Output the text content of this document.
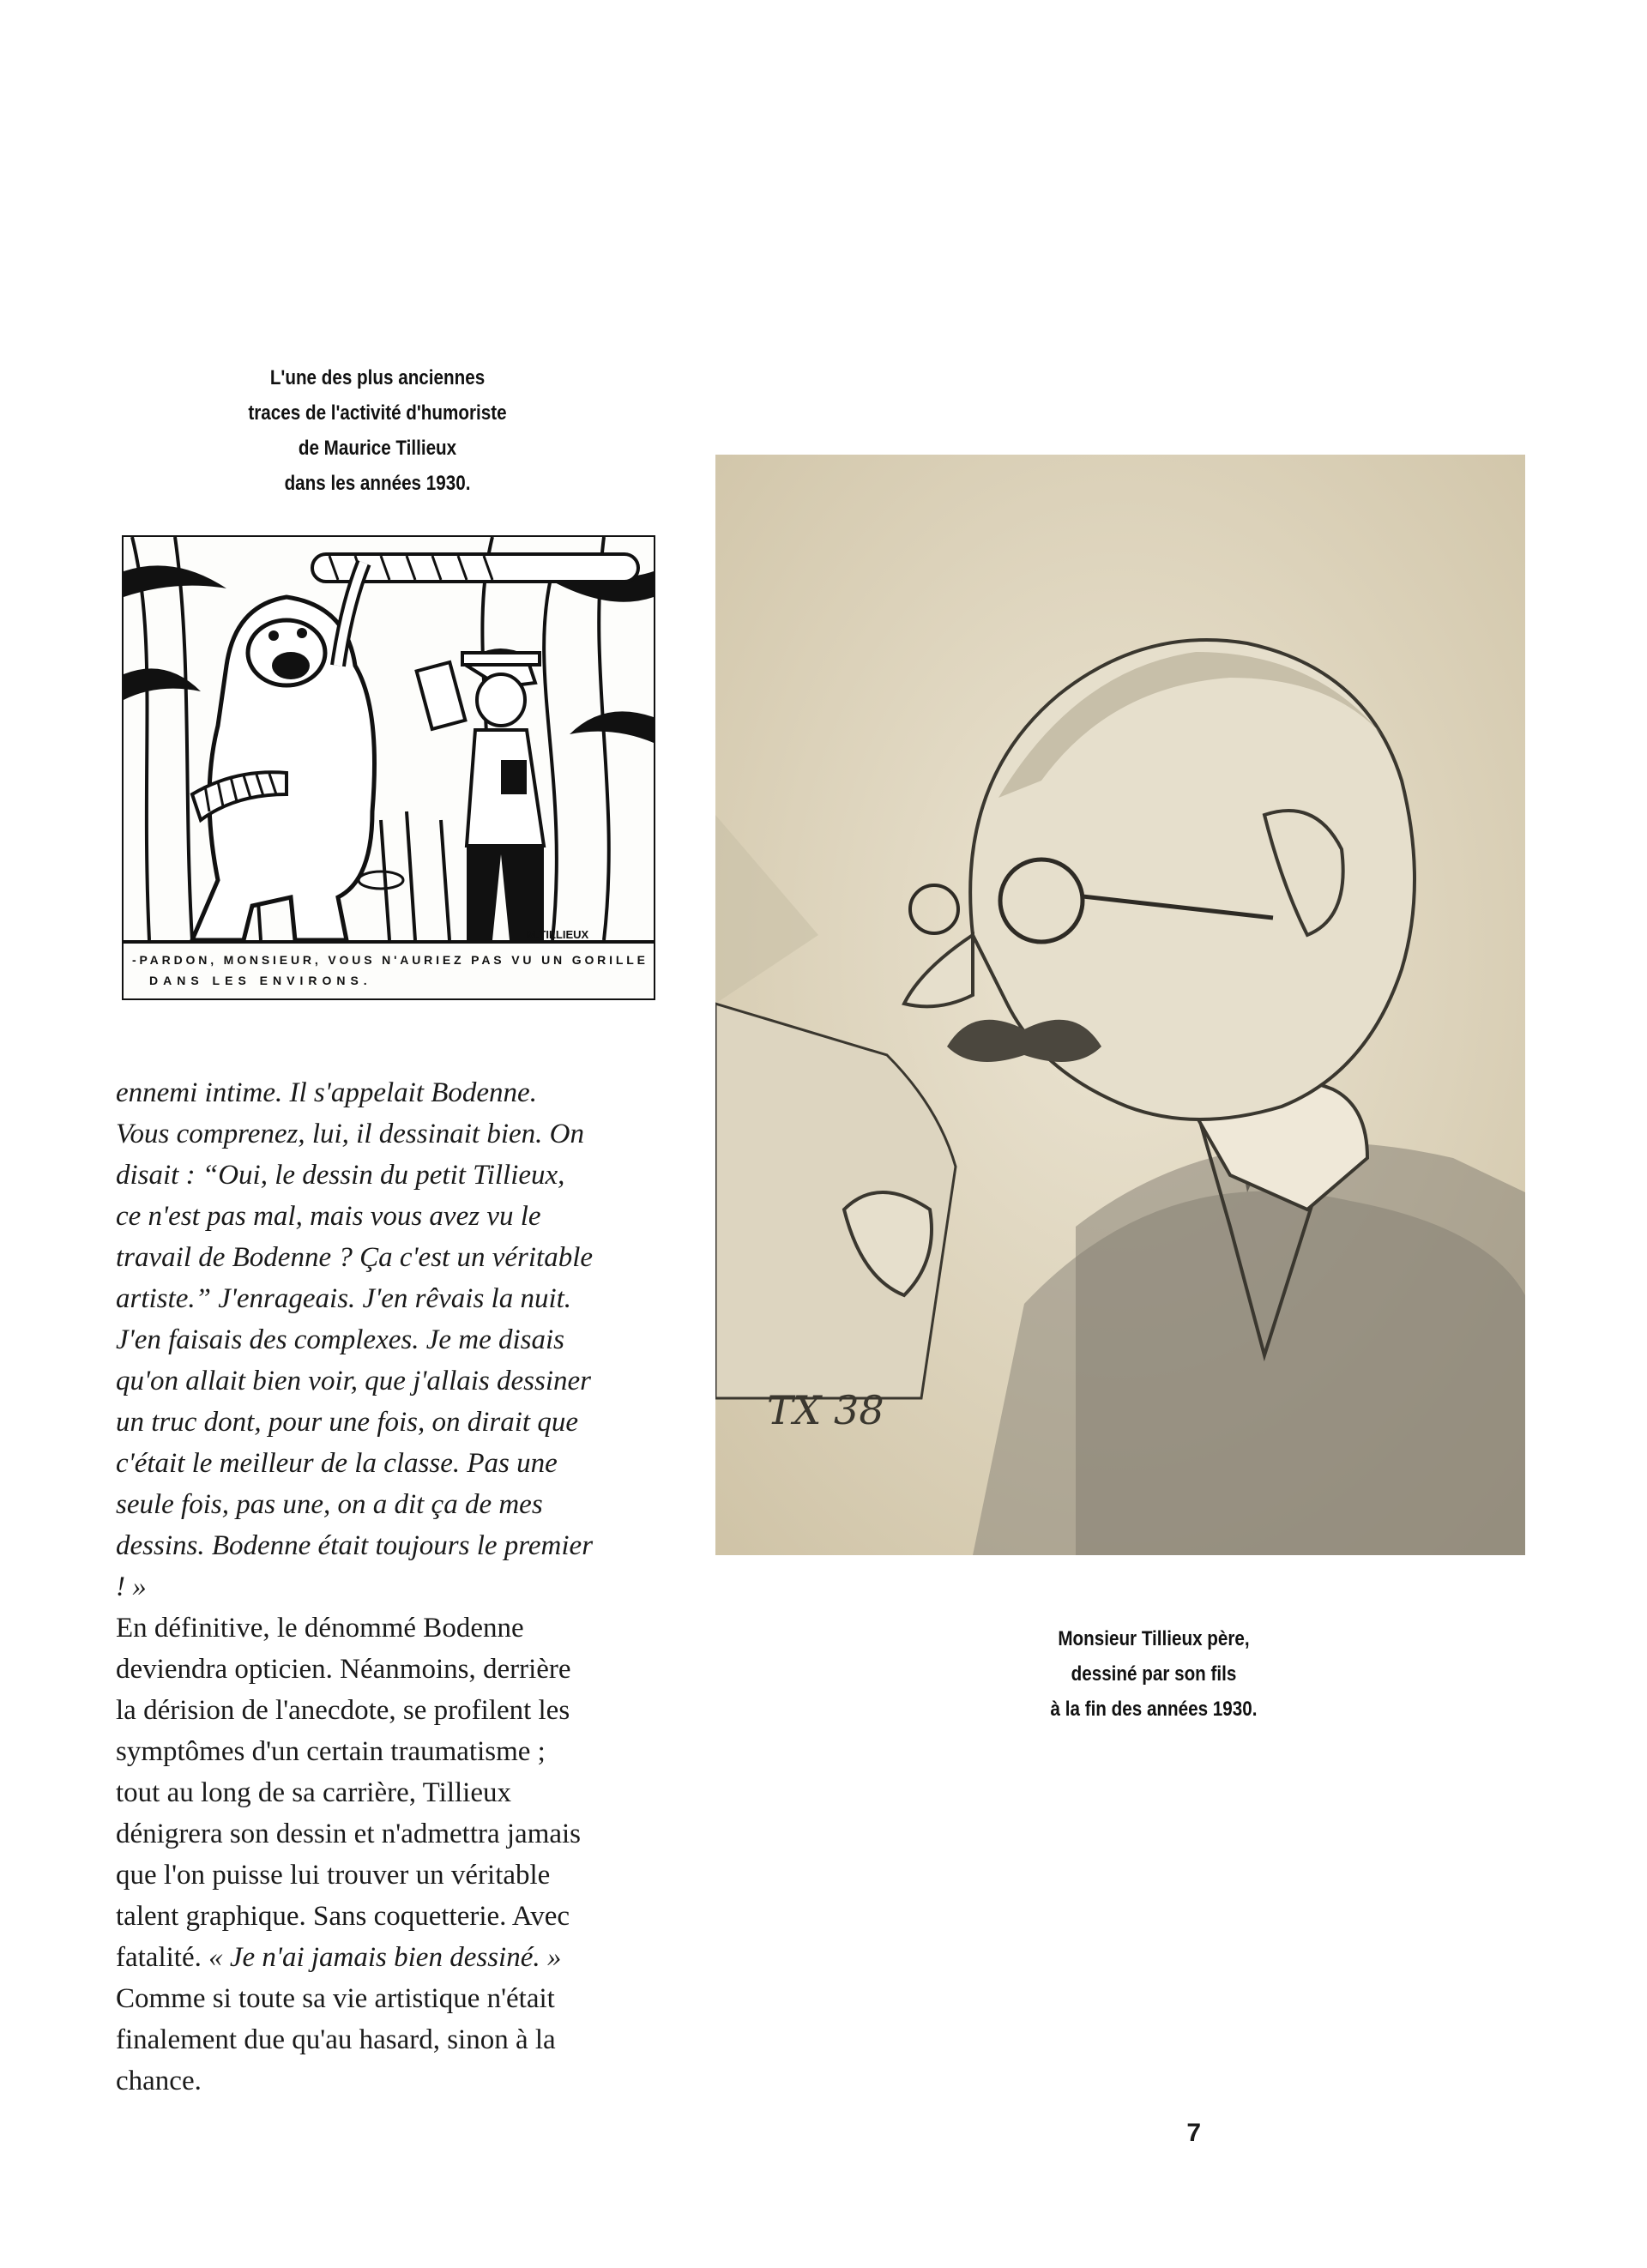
L'une des plus anciennes
traces de l'activité d'humoriste
de Maurice Tillieux
dans les années 1930.
M.TILLIEUX
-PARDON, MONSIEUR, VOUS N'AURIEZ PAS VU UN GORILLE
DANS LES ENVIRONS.
TX 38

ennemi intime. Il s'appelait Bodenne. Vous comprenez, lui, il dessinait bien. On disait : “Oui, le dessin du petit Tillieux, ce n'est pas mal, mais vous avez vu le travail de Bodenne ? Ça c'est un véritable artiste.” J'enrageais. J'en rêvais la nuit. J'en faisais des complexes. Je me disais qu'on allait bien voir, que j'allais dessiner un truc dont, pour une fois, on dirait que c'était le meilleur de la classe. Pas une seule fois, pas une, on a dit ça de mes dessins. Bodenne était toujours le premier ! »

En définitive, le dénommé Bodenne deviendra opticien. Néanmoins, derrière la dérision de l'anecdote, se profilent les symptômes d'un certain traumatisme ; tout au long de sa carrière, Tillieux dénigrera son dessin et n'admettra jamais que l'on puisse lui trouver un véritable talent graphique. Sans coquetterie. Avec fatalité. « Je n'ai jamais bien dessiné. » Comme si toute sa vie artistique n'était finalement due qu'au hasard, sinon à la chance.

Monsieur Tillieux père,
dessiné par son fils
à la fin des années 1930.
7
